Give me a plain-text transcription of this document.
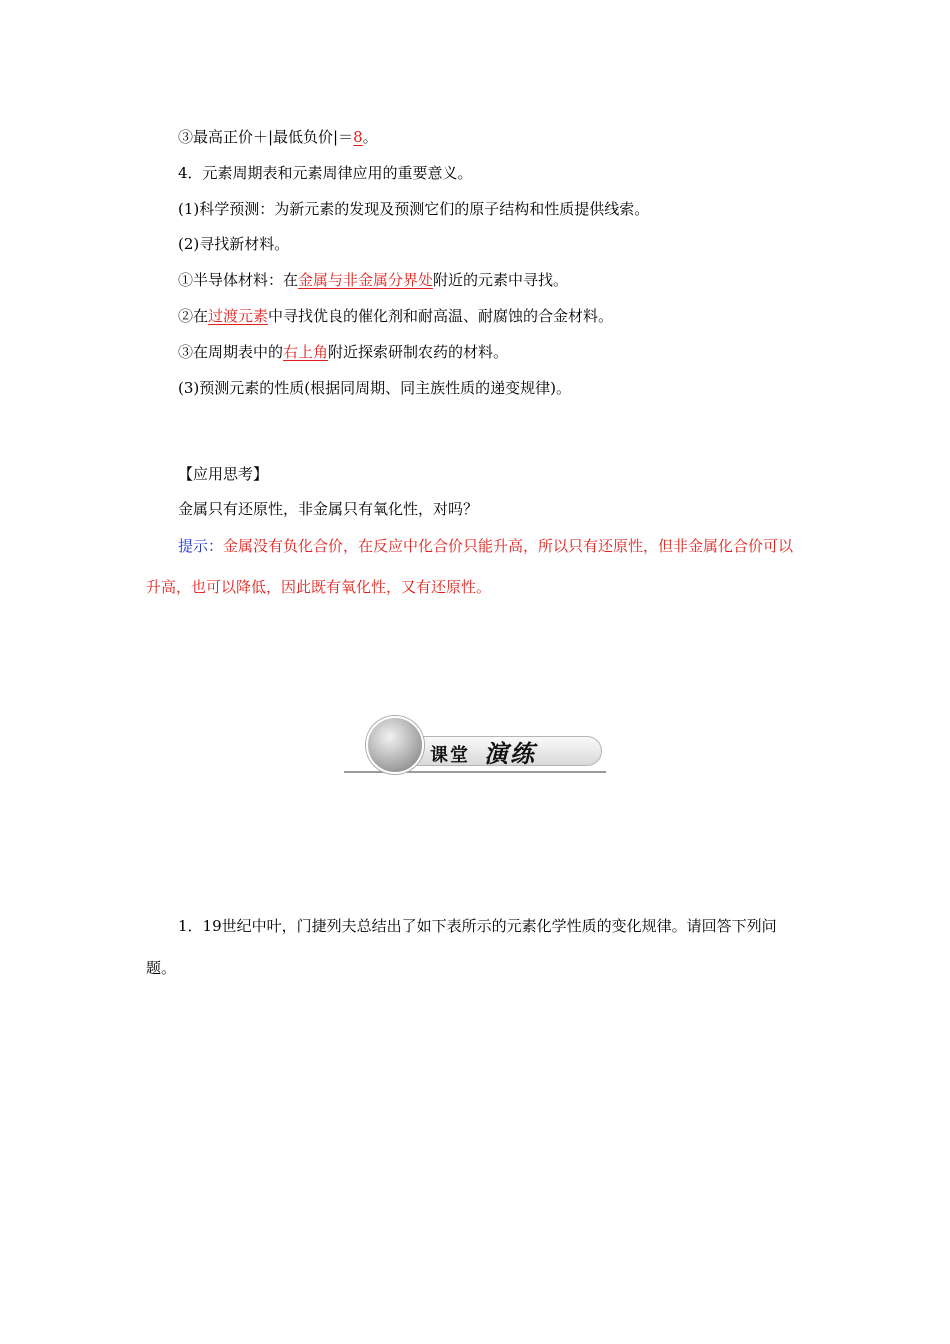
③最高正价＋|最低负价|＝8。
4．元素周期表和元素周律应用的重要意义。
(1)科学预测：为新元素的发现及预测它们的原子结构和性质提供线索。
(2)寻找新材料。
①半导体材料：在金属与非金属分界处附近的元素中寻找。
②在过渡元素中寻找优良的催化剂和耐高温、耐腐蚀的合金材料。
③在周期表中的右上角附近探索研制农药的材料。
(3)预测元素的性质(根据同周期、同主族性质的递变规律)。
【应用思考】
金属只有还原性，非金属只有氧化性，对吗？

提示：金属没有负化合价，在反应中化合价只能升高，所以只有还原性，但非金属化合价可以升高，也可以降低，因此既有氧化性，又有还原性。

课堂 演练

1．19世纪中叶，门捷列夫总结出了如下表所示的元素化学性质的变化规律。请回答下列问题。
